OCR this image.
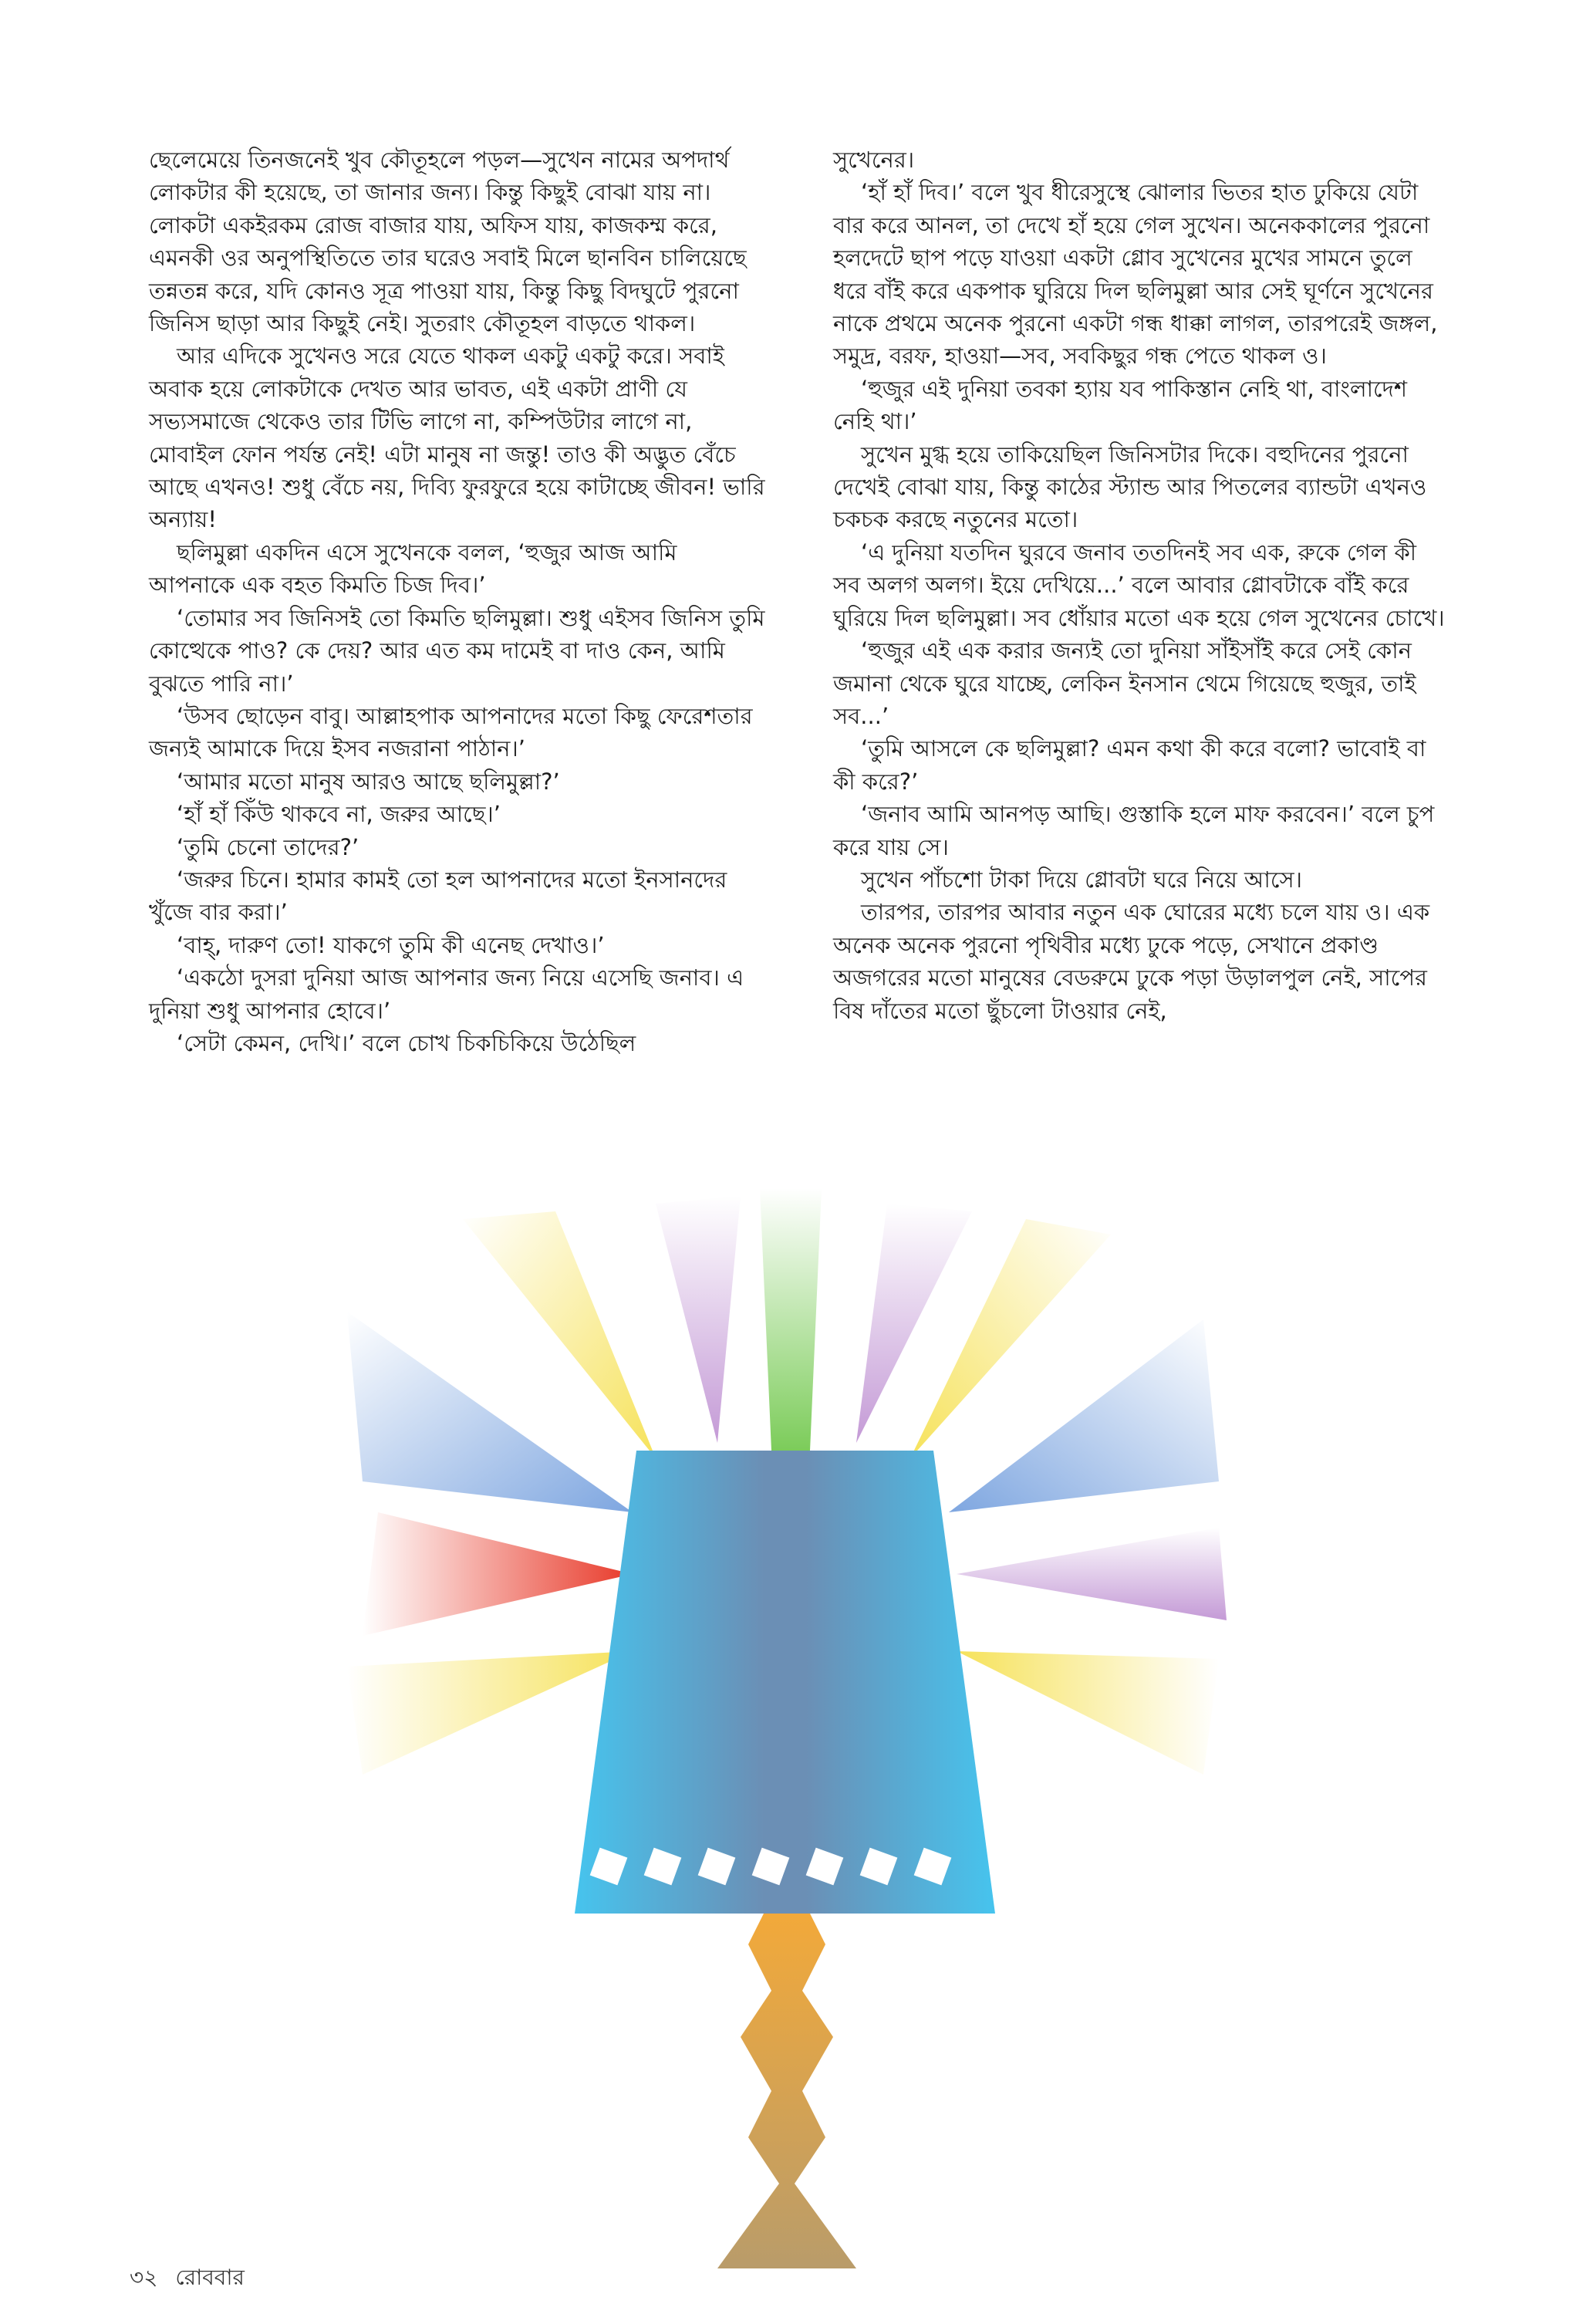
ছেলেমেয়ে তিনজনেই খুব কৌতূহলে পড়ল—সুখেন নামের অপদার্থ লোকটার কী হয়েছে, তা জানার জন্য। কিন্তু কিছুই বোঝা যায় না। লোকটা একইরকম রোজ বাজার যায়, অফিস যায়, কাজকম্ম করে, এমনকী ওর অনুপস্থিতিতে তার ঘরেও সবাই মিলে ছানবিন চালিয়েছে তন্নতন্ন করে, যদি কোনও সূত্র পাওয়া যায়, কিন্তু কিছু বিদঘুটে পুরনো জিনিস ছাড়া আর কিছুই নেই। সুতরাং কৌতূহল বাড়তে থাকল।

আর এদিকে সুখেনও সরে যেতে থাকল একটু একটু করে। সবাই অবাক হয়ে লোকটাকে দেখত আর ভাবত, এই একটা প্রাণী যে সভ্যসমাজে থেকেও তার টিভি লাগে না, কম্পিউটার লাগে না, মোবাইল ফোন পর্যন্ত নেই! এটা মানুষ না জন্তু! তাও কী অদ্ভুত বেঁচে আছে এখনও! শুধু বেঁচে নয়, দিব্যি ফুরফুরে হয়ে কাটাচ্ছে জীবন! ভারি অন্যায়!

ছলিমুল্লা একদিন এসে সুখেনকে বলল, ‘হুজুর আজ আমি আপনাকে এক বহত কিমতি চিজ দিব।’

‘তোমার সব জিনিসই তো কিমতি ছলিমুল্লা। শুধু এইসব জিনিস তুমি কোত্থেকে পাও? কে দেয়? আর এত কম দামেই বা দাও কেন, আমি বুঝতে পারি না।’

‘উসব ছোড়েন বাবু। আল্লাহপাক আপনাদের মতো কিছু ফেরেশতার জন্যই আমাকে দিয়ে ইসব নজরানা পাঠান।’

‘আমার মতো মানুষ আরও আছে ছলিমুল্লা?’

‘হাঁ হাঁ কিঁউ থাকবে না, জরুর আছে।’

‘তুমি চেনো তাদের?’

‘জরুর চিনে। হামার কামই তো হল আপনাদের মতো ইনসানদের খুঁজে বার করা।’

‘বাহ্, দারুণ তো! যাকগে তুমি কী এনেছ দেখাও।’

‘একঠো দুসরা দুনিয়া আজ আপনার জন্য নিয়ে এসেছি জনাব। এ দুনিয়া শুধু আপনার হোবে।’

‘সেটা কেমন, দেখি।’ বলে চোখ চিকচিকিয়ে উঠেছিল

সুখেনের।

‘হাঁ হাঁ দিব।’ বলে খুব ধীরেসুস্থে ঝোলার ভিতর হাত ঢুকিয়ে যেটা বার করে আনল, তা দেখে হাঁ হয়ে গেল সুখেন। অনেককালের পুরনো হলদেটে ছাপ পড়ে যাওয়া একটা গ্লোব সুখেনের মুখের সামনে তুলে ধরে বাঁই করে একপাক ঘুরিয়ে দিল ছলিমুল্লা আর সেই ঘূর্ণনে সুখেনের নাকে প্রথমে অনেক পুরনো একটা গন্ধ ধাক্কা লাগল, তারপরেই জঙ্গল, সমুদ্র, বরফ, হাওয়া—সব, সবকিছুর গন্ধ পেতে থাকল ও।

‘হুজুর এই দুনিয়া তবকা হ্যায় যব পাকিস্তান নেহি থা, বাংলাদেশ নেহি থা।’

সুখেন মুগ্ধ হয়ে তাকিয়েছিল জিনিসটার দিকে। বহুদিনের পুরনো দেখেই বোঝা যায়, কিন্তু কাঠের স্ট্যান্ড আর পিতলের ব্যান্ডটা এখনও চকচক করছে নতুনের মতো।

‘এ দুনিয়া যতদিন ঘুরবে জনাব ততদিনই সব এক, রুকে গেল কী সব অলগ অলগ। ইয়ে দেখিয়ে...’ বলে আবার গ্লোবটাকে বাঁই করে ঘুরিয়ে দিল ছলিমুল্লা। সব ধোঁয়ার মতো এক হয়ে গেল সুখেনের চোখে।

‘হুজুর এই এক করার জন্যই তো দুনিয়া সাঁইসাঁই করে সেই কোন জমানা থেকে ঘুরে যাচ্ছে, লেকিন ইনসান থেমে গিয়েছে হুজুর, তাই সব...’

‘তুমি আসলে কে ছলিমুল্লা? এমন কথা কী করে বলো? ভাবোই বা কী করে?’

‘জনাব আমি আনপড় আছি। গুস্তাকি হলে মাফ করবেন।’ বলে চুপ করে যায় সে।

সুখেন পাঁচশো টাকা দিয়ে গ্লোবটা ঘরে নিয়ে আসে।

তারপর, তারপর আবার নতুন এক ঘোরের মধ্যে চলে যায় ও। এক অনেক অনেক পুরনো পৃথিবীর মধ্যে ঢুকে পড়ে, সেখানে প্রকাণ্ড অজগরের মতো মানুষের বেডরুমে ঢুকে পড়া উড়ালপুল নেই, সাপের বিষ দাঁতের মতো ছুঁচলো টাওয়ার নেই,

৩২ রোববার
